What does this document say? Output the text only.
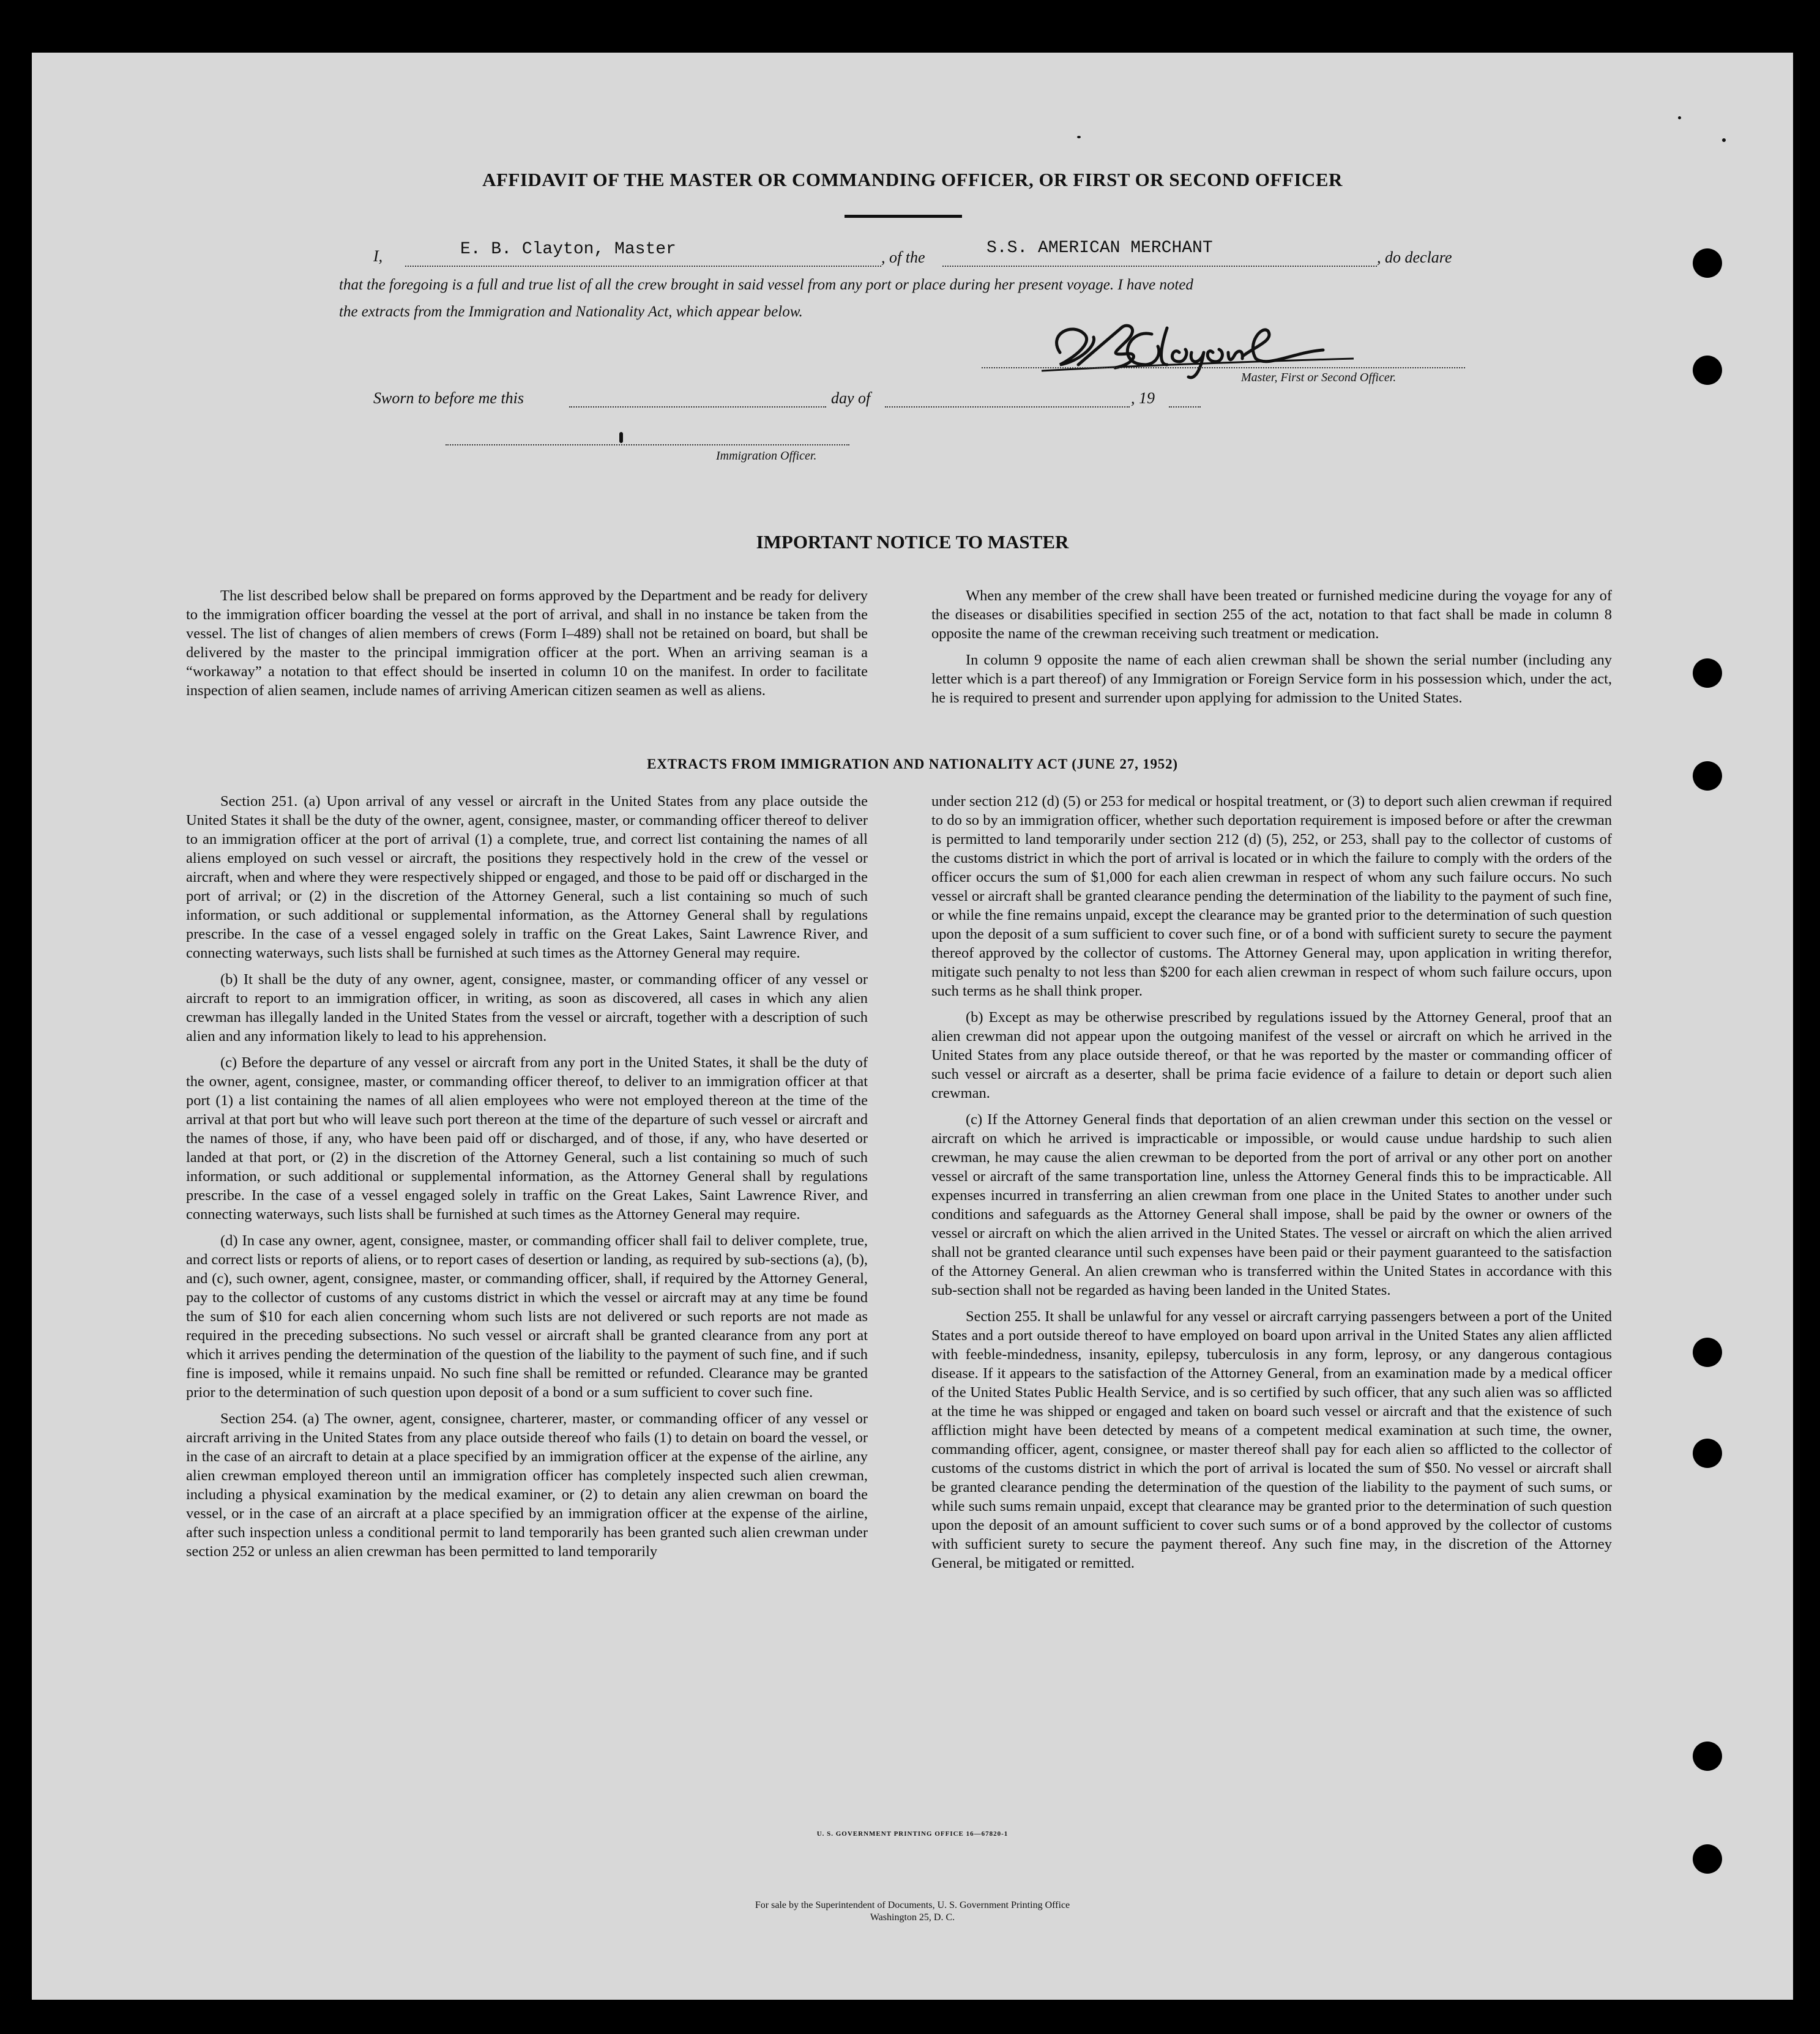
AFFIDAVIT OF THE MASTER OR COMMANDING OFFICER, OR FIRST OR SECOND OFFICER
I,	E. B. Clayton, Master	, of the	S.S. AMERICAN MERCHANT	, do declare
that the foregoing is a full and true list of all the crew brought in said vessel from any port or place during her present voyage. I have noted
the extracts from the Immigration and Nationality Act, which appear below.
Master, First or Second Officer.
Sworn to before me this	day of	, 19
Immigration Officer.
IMPORTANT NOTICE TO MASTER

The list described below shall be prepared on forms approved by the Department and be ready for delivery to the immigration officer boarding the vessel at the port of arrival, and shall in no instance be taken from the vessel. The list of changes of alien members of crews (Form I–489) shall not be retained on board, but shall be delivered by the master to the principal immigration officer at the port. When an arriving seaman is a “workaway” a notation to that effect should be inserted in column 10 on the manifest. In order to facilitate inspection of alien seamen, include names of arriving American citizen seamen as well as aliens.

When any member of the crew shall have been treated or furnished medicine during the voyage for any of the diseases or disabilities specified in section 255 of the act, notation to that fact shall be made in column 8 opposite the name of the crewman receiving such treatment or medication.

In column 9 opposite the name of each alien crewman shall be shown the serial number (including any letter which is a part thereof) of any Immigration or Foreign Service form in his possession which, under the act, he is required to present and surrender upon applying for admission to the United States.

EXTRACTS FROM IMMIGRATION AND NATIONALITY ACT (JUNE 27, 1952)

Section 251. (a) Upon arrival of any vessel or aircraft in the United States from any place outside the United States it shall be the duty of the owner, agent, consignee, master, or commanding officer thereof to deliver to an immigration officer at the port of arrival (1) a complete, true, and correct list containing the names of all aliens employed on such vessel or aircraft, the positions they respectively hold in the crew of the vessel or aircraft, when and where they were respectively shipped or engaged, and those to be paid off or discharged in the port of arrival; or (2) in the discretion of the Attorney General, such a list containing so much of such information, or such additional or supplemental information, as the Attorney General shall by regulations prescribe. In the case of a vessel engaged solely in traffic on the Great Lakes, Saint Lawrence River, and connecting waterways, such lists shall be furnished at such times as the Attorney General may require.

(b) It shall be the duty of any owner, agent, consignee, master, or commanding officer of any vessel or aircraft to report to an immigration officer, in writing, as soon as discovered, all cases in which any alien crewman has illegally landed in the United States from the vessel or aircraft, together with a description of such alien and any information likely to lead to his apprehension.

(c) Before the departure of any vessel or aircraft from any port in the United States, it shall be the duty of the owner, agent, consignee, master, or commanding officer thereof, to deliver to an immigration officer at that port (1) a list containing the names of all alien employees who were not employed thereon at the time of the arrival at that port but who will leave such port thereon at the time of the departure of such vessel or aircraft and the names of those, if any, who have been paid off or discharged, and of those, if any, who have deserted or landed at that port, or (2) in the discretion of the Attorney General, such a list containing so much of such information, or such additional or supplemental information, as the Attorney General shall by regulations prescribe. In the case of a vessel engaged solely in traffic on the Great Lakes, Saint Lawrence River, and connecting waterways, such lists shall be furnished at such times as the Attorney General may require.

(d) In case any owner, agent, consignee, master, or commanding officer shall fail to deliver complete, true, and correct lists or reports of aliens, or to report cases of desertion or landing, as required by sub-sections (a), (b), and (c), such owner, agent, consignee, master, or commanding officer, shall, if required by the Attorney General, pay to the collector of customs of any customs district in which the vessel or aircraft may at any time be found the sum of $10 for each alien concerning whom such lists are not delivered or such reports are not made as required in the preceding subsections. No such vessel or aircraft shall be granted clearance from any port at which it arrives pending the determination of the question of the liability to the payment of such fine, and if such fine is imposed, while it remains unpaid. No such fine shall be remitted or refunded. Clearance may be granted prior to the determination of such question upon deposit of a bond or a sum sufficient to cover such fine.

Section 254. (a) The owner, agent, consignee, charterer, master, or commanding officer of any vessel or aircraft arriving in the United States from any place outside thereof who fails (1) to detain on board the vessel, or in the case of an aircraft to detain at a place specified by an immigration officer at the expense of the airline, any alien crewman employed thereon until an immigration officer has completely inspected such alien crewman, including a physical examination by the medical examiner, or (2) to detain any alien crewman on board the vessel, or in the case of an aircraft at a place specified by an immigration officer at the expense of the airline, after such inspection unless a conditional permit to land temporarily has been granted such alien crewman under section 252 or unless an alien crewman has been permitted to land temporarily

under section 212 (d) (5) or 253 for medical or hospital treatment, or (3) to deport such alien crewman if required to do so by an immigration officer, whether such deportation requirement is imposed before or after the crewman is permitted to land temporarily under section 212 (d) (5), 252, or 253, shall pay to the collector of customs of the customs district in which the port of arrival is located or in which the failure to comply with the orders of the officer occurs the sum of $1,000 for each alien crewman in respect of whom any such failure occurs. No such vessel or aircraft shall be granted clearance pending the determination of the liability to the payment of such fine, or while the fine remains unpaid, except the clearance may be granted prior to the determination of such question upon the deposit of a sum sufficient to cover such fine, or of a bond with sufficient surety to secure the payment thereof approved by the collector of customs. The Attorney General may, upon application in writing therefor, mitigate such penalty to not less than $200 for each alien crewman in respect of whom such failure occurs, upon such terms as he shall think proper.

(b) Except as may be otherwise prescribed by regulations issued by the Attorney General, proof that an alien crewman did not appear upon the outgoing manifest of the vessel or aircraft on which he arrived in the United States from any place outside thereof, or that he was reported by the master or commanding officer of such vessel or aircraft as a deserter, shall be prima facie evidence of a failure to detain or deport such alien crewman.

(c) If the Attorney General finds that deportation of an alien crewman under this section on the vessel or aircraft on which he arrived is impracticable or impossible, or would cause undue hardship to such alien crewman, he may cause the alien crewman to be deported from the port of arrival or any other port on another vessel or aircraft of the same transportation line, unless the Attorney General finds this to be impracticable. All expenses incurred in transferring an alien crewman from one place in the United States to another under such conditions and safeguards as the Attorney General shall impose, shall be paid by the owner or owners of the vessel or aircraft on which the alien arrived in the United States. The vessel or aircraft on which the alien arrived shall not be granted clearance until such expenses have been paid or their payment guaranteed to the satisfaction of the Attorney General. An alien crewman who is transferred within the United States in accordance with this sub-section shall not be regarded as having been landed in the United States.

Section 255. It shall be unlawful for any vessel or aircraft carrying passengers between a port of the United States and a port outside thereof to have employed on board upon arrival in the United States any alien afflicted with feeble-mindedness, insanity, epilepsy, tuberculosis in any form, leprosy, or any dangerous contagious disease. If it appears to the satisfaction of the Attorney General, from an examination made by a medical officer of the United States Public Health Service, and is so certified by such officer, that any such alien was so afflicted at the time he was shipped or engaged and taken on board such vessel or aircraft and that the existence of such affliction might have been detected by means of a competent medical examination at such time, the owner, commanding officer, agent, consignee, or master thereof shall pay for each alien so afflicted to the collector of customs of the customs district in which the port of arrival is located the sum of $50. No vessel or aircraft shall be granted clearance pending the determination of the question of the liability to the payment of such sums, or while such sums remain unpaid, except that clearance may be granted prior to the determination of such question upon the deposit of an amount sufficient to cover such sums or of a bond approved by the collector of customs with sufficient surety to secure the payment thereof. Any such fine may, in the discretion of the Attorney General, be mitigated or remitted.

U. S. GOVERNMENT PRINTING OFFICE 16—67820-1
For sale by the Superintendent of Documents, U. S. Government Printing Office
Washington 25, D. C.
